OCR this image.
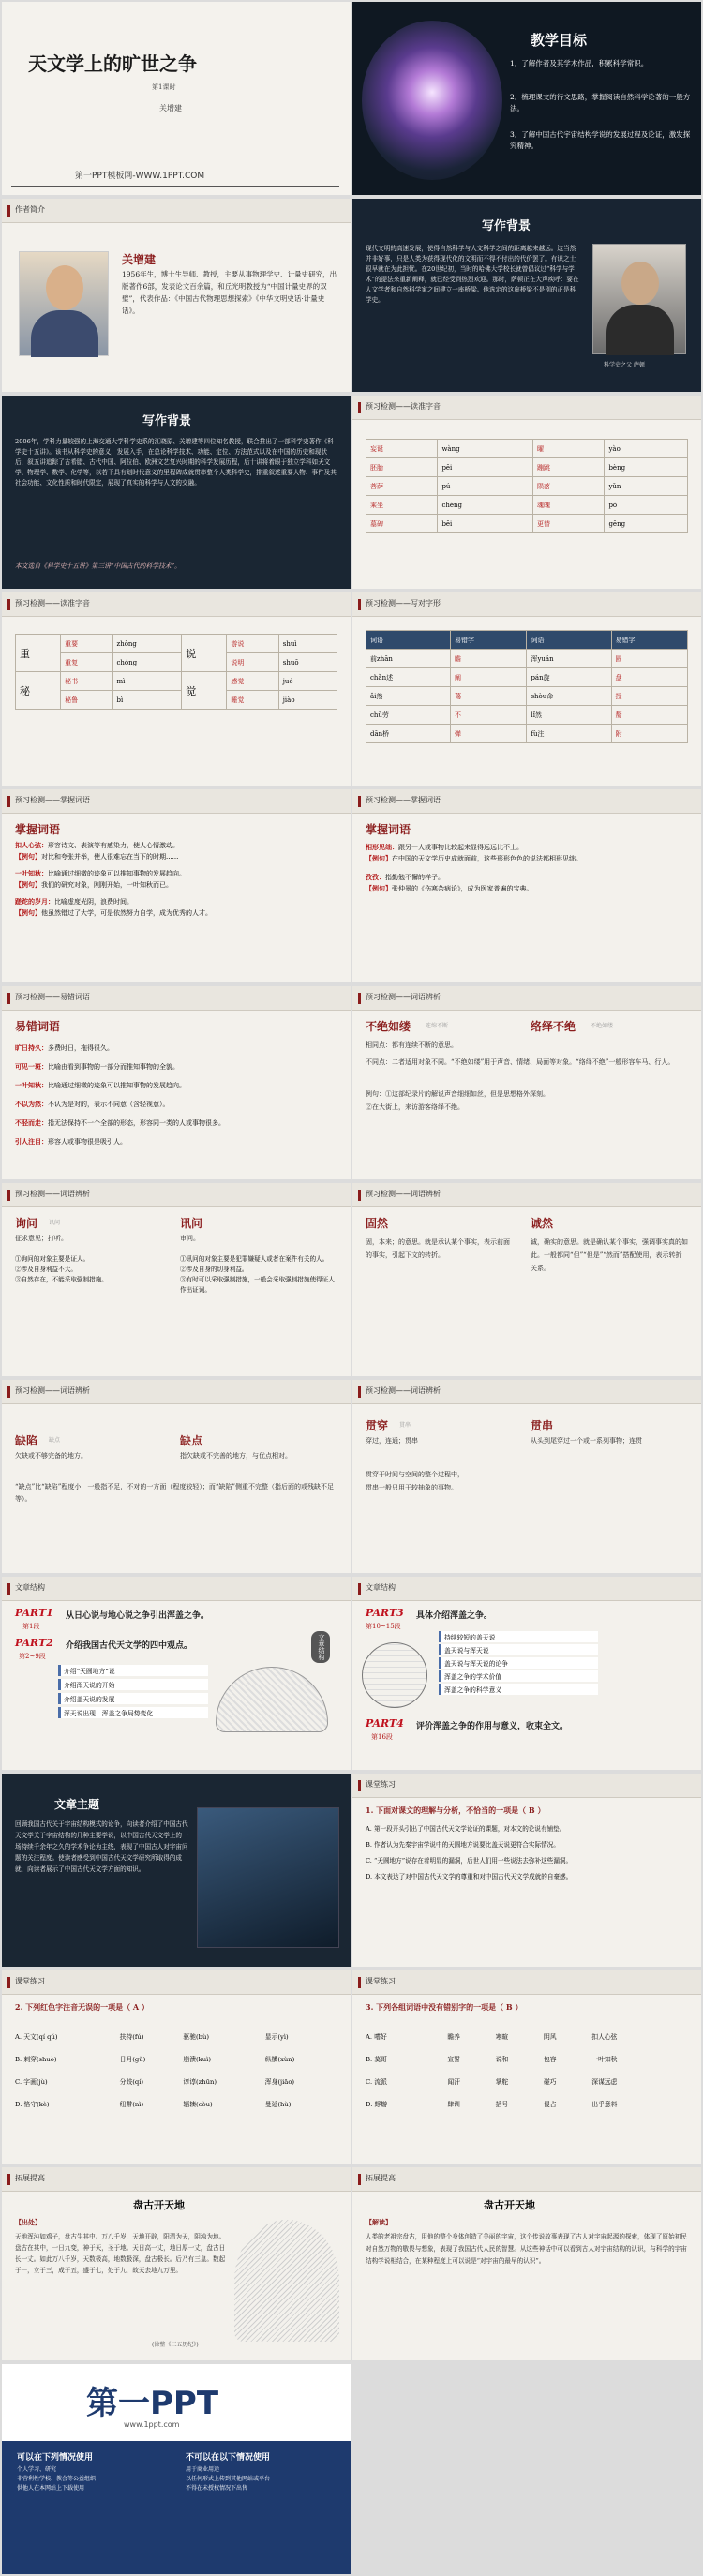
天文学上的旷世之争
第1课时
关增建
第一PPT模板网-WWW.1PPT.COM
教学目标
1．了解作者及其学术作品，积累科学常识。
2．梳理课文的行文思路，掌握阅读自然科学论著的一般方法。
3．了解中国古代宇宙结构学说的发展过程及论证，激发探究精神。
作者简介
关增建
1956年生，博士生导师、教授，主要从事物理学史、计量史研究，出版著作6部，发表论文百余篇，和丘光明教授为“中国计量史界的双璧”，代表作品：《中国古代物理思想探索》《中华文明史话·计量史话》。
写作背景
现代文明的高速发展，使得自然科学与人文科学之间的距离越来越远。这当然并非好事，只是人类为获得现代化的文明而不得不付出的代价罢了。有识之士很早就在为此担忧。在20世纪初，当时的哈佛大学校长就曾倡议过“科学与学术”的提法来重新阐释，就已经受到热烈欢迎。那时，萨顿正在大声疾呼：要在人文学者和自然科学家之间建立一座桥梁。他选定的这座桥梁不是别的正是科学史。
科学史之父 萨顿
写作背景
2006年，学科力量较强的上海交通大学科学史系的江晓原、关增建等四位知名教授，联合推出了一部科学史著作《科学史十五讲》。该书从科学史的意义，发展入手，在总论科学技术、功能、定位、方法范式以及在中国的历史和现状后，叙五讲追踪了古希腊、古代中国、阿拉伯、欧洲文艺复兴时期的科学发展历程，后十讲将着眼于独立学科如天文学、物理学、数学、化学等，以若干具有划时代意义的里程碑成就贯串整个人类科学史，排重叙述重要人物、事件及其社会功能、文化性质和时代限定，展现了真实的科学与人文的交融。
本文选自《科学史十五讲》第三讲“中国古代的科学技术”。
预习检测——读准字音
妄诞	wàng	曜	yào
胚胎	pēi	蹦跳	bèng
菩萨	pú	陨落	yǔn
乘坐	chéng	魂魄	pò
墓碑	bēi	更替	gēng
预习检测——读准字音
重	重要	zhòng	说	游说	shuì
	重复	chóng		说明	shuō
秘	秘书	mì	觉	感觉	jué
	秘鲁	bì		睡觉	jiào
预习检测——写对字形
词语	易错字	词语	易错字
前zhān	瞻	浑yuán	圆
chǎn述	阐	pán旋	盘
ǎi然	蔼	shòu命	授
chǔ劳	不	lǐ然	嫠
dān桥	弹	fù注	附
预习检测——掌握词语
掌握词语
扣人心弦：形容诗文、表演等有感染力，使人心情激动。
【例句】对比和夸张并举，使人很难忘在当下的时期......
一叶知秋：比喻通过细微的迹象可以推知事物的发展趋向。
【例句】我们的研究对象，刚刚开始，一叶知秋而已。
蹉跎的岁月：比喻虚度光阴，浪费时间。
【例句】他虽然错过了大学，可是依然努力自学，成为优秀的人才。
预习检测——掌握词语
掌握词语
相形见绌：跟另一人或事物比较起来显得远远比不上。
【例句】在中国的天文学历史成就面前，这些形形色色的说法都相形见绌。
孜孜：指勤勉不懈的样子。
【例句】张仲景的《伤寒杂病论》，成为医家普遍的宝典。
预习检测——易错词语
易错词语
旷日持久：多费时日，拖得很久。
可见一斑：比喻由看到事物的一部分而推知事物的全貌。
一叶知秋：比喻通过细微的迹象可以推知事物的发展趋向。
不以为然：不认为是对的，表示不同意（含轻视意）。
不胫而走：指无法保持不一个全部的形态，形容同一类的人或事物很多。
引人注目：形容人或事物很是吸引人。
预习检测——词语辨析
不绝如缕	连绵不断	络绎不绝	不绝如缕
相同点：都有连续不断的意思。
不同点：二者适用对象不同。“不绝如缕”用于声音、情绪、局面等对象。“络绎不绝”一般形容车马、行人。
例句：①这部纪录片的解说声音细细如丝，但是思想格外深刻。
②在大街上，来访游客络绎不绝。
预习检测——词语辨析
询问 讯问	讯问
征求意见；打听。	审问。
①询问的对象主要是证人。
②涉及自身利益不大。
③自然存在，不能采取强制措施。
①讯问的对象主要是犯罪嫌疑人或者在案件有关的人。
②涉及自身的切身利益。
③有时可以采取强制措施，一般会采取强制措施使得证人作出证词。
预习检测——词语辨析
固然	诚然
固，本来；的意思。就是承认某个事实，表示前面的事实，引起下文的转折。
诚，确实的意思。就是确认某个事实，强调事实真的如此。一般都同“但”“但是”“然而”搭配使用，表示转折关系。
预习检测——词语辨析
缺陷 缺点	缺点
欠缺或不够完备的地方。	指欠缺或不完善的地方，与优点相对。
“缺点”比“缺陷”程度小，一般指不足，不对的一方面（程度较轻）；而“缺陷”侧重不完整（指后面的或残缺不足等）。
预习检测——词语辨析
贯穿 贯串	贯串
穿过，连通；贯串	从头到尾穿过一个或一系列事物；连贯
贯穿于时间与空间的整个过程中，
贯串一般只用于较抽象的事物。
文章结构
PART1 从日心说与地心说之争引出浑盖之争。
第1段
PART2 介绍我国古代天文学的四中观点。
第2~9段
介绍“天圆地方”说
介绍浑天说的开始
介绍盖天说的发展
浑天说出现、浑盖之争局势变化
文章结构
文章结构
PART3 具体介绍浑盖之争。
第10~15段
持续较短的盖天说
盖天说与浑天说
盖天说与浑天说的论争
浑盖之争的学术价值
浑盖之争的科学意义
PART4 评价浑盖之争的作用与意义，收束全文。
第16段
文章主题
回顾我国古代关于宇宙结构模式的论争，向读者介绍了中国古代天文学关于宇宙结构的几种主要学说，以中国古代天文学上的一场持续千余年之久的学术争论为主线，表现了中国古人对宇宙问题的关注程度。使读者感受到中国古代天文学研究所取得的成就，向读者展示了中国古代天文学方面的知识。
课堂练习
1. 下面对课文的理解与分析，不恰当的一项是（ B ）
A. 第一段开头引出了中国古代天文学论证的课题，对本文的论说有铺垫。
B. 作者认为先秦宇宙学说中的天圆地方说要比盖天说更符合实际情况。
C. “天圆地方”说存在着明显的漏洞，后世人们用一些说法去弥补这些漏洞。
D. 本文表达了对中国古代天文学的尊重和对中国古代天文学成就的自豪感。
课堂练习
2. 下列红色字注音无误的一项是（ A ）
A. 天文(qí qú)	扶持(fú)	驱驰(bù)	显示(yì)
B. 刺穿(shuò)	日月(gǔ)	崩溃(kuì)	纵横(xùn)
C. 字画(jù)	分歧(qí)	谆谆(zhūn)	浑身(jiāo)
D. 恪守(kè)	纽带(nì)	辐辏(còu)	曼延(hù)
课堂练习
3. 下列各组词语中没有错别字的一项是（ B ）
A. 嗜好	瞻养	寒暄	阴风	扣人心弦
B. 莫哥	宣誓	说和	包容	一叶知秋
C. 流派	闻汗	掌舵	碰巧	深谋远虑
D. 蜉蝣	肆训	括号	侵占	出乎意料
拓展提高
盘古开天地
【出处】
天地浑沌如鸡子，盘古生其中。万八千岁，天地开辟，阳清为天，阴浊为地。盘古在其中，一日九变，神于天，圣于地。天日高一丈，地日厚一丈，盘古日长一丈。如此万八千岁，天数极高，地数极深，盘古极长。后乃有三皇。数起于一，立于三，成于五，盛于七，处于九，故天去地九万里。
(徐整《三五历纪》)
拓展提高
盘古开天地
【解读】
人类的老祖宗盘古，用他的整个身体创造了美丽的宇宙，这个传说故事表现了古人对宇宙起源的探索，体现了原始初民对自然万物的敬畏与想象，表现了我国古代人民的智慧。从这些神话中可以看到古人对宇宙结构的认识，与科学的宇宙结构学说相结合，在某种程度上可以说是“对宇宙的最早的认识”。
第一PPT
www.1ppt.com
可以在下列情况使用	不可以在以下情况使用
个人学习、研究
非营利性学校、教会等公益组织
供他人在本网站上下载使用
用于商业用途
以任何形式上传到其他网站或平台
不得在未授权情况下出售
